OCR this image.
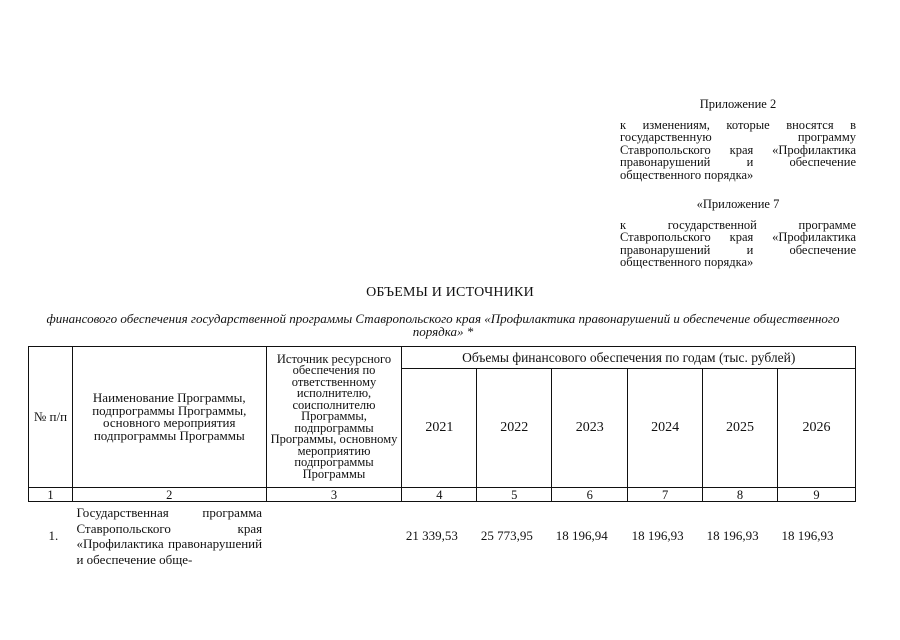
Приложение 2
к изменениям, которые вносятся в государственную программу Ставропольского края «Профилактика правонарушений и обеспечение общественного порядка»
«Приложение 7
к государственной программе Ставропольского края «Профилактика правонарушений и обеспечение общественного порядка»
ОБЪЕМЫ И ИСТОЧНИКИ
финансового обеспечения государственной программы Ставропольского края «Профилактика правонарушений и обеспечение общественного порядка» *
№ п/п	Наименование Программы, подпрограммы Программы, основного мероприятия подпрограммы Программы	Источник ресурсного обеспечения по ответственному исполнителю, соисполнителю Программы, подпрограммы Программы, основному мероприятию подпрограммы Программы	Объемы финансового обеспечения по годам (тыс. рублей)					
			2021	2022	2023	2024	2025	2026
1	2	3	4	5	6	7	8	9
1.	Государственная программа Ставропольского края «Профилактика правонарушений и обеспечение обще-		21 339,53	25 773,95	18 196,94	18 196,93	18 196,93	18 196,93
